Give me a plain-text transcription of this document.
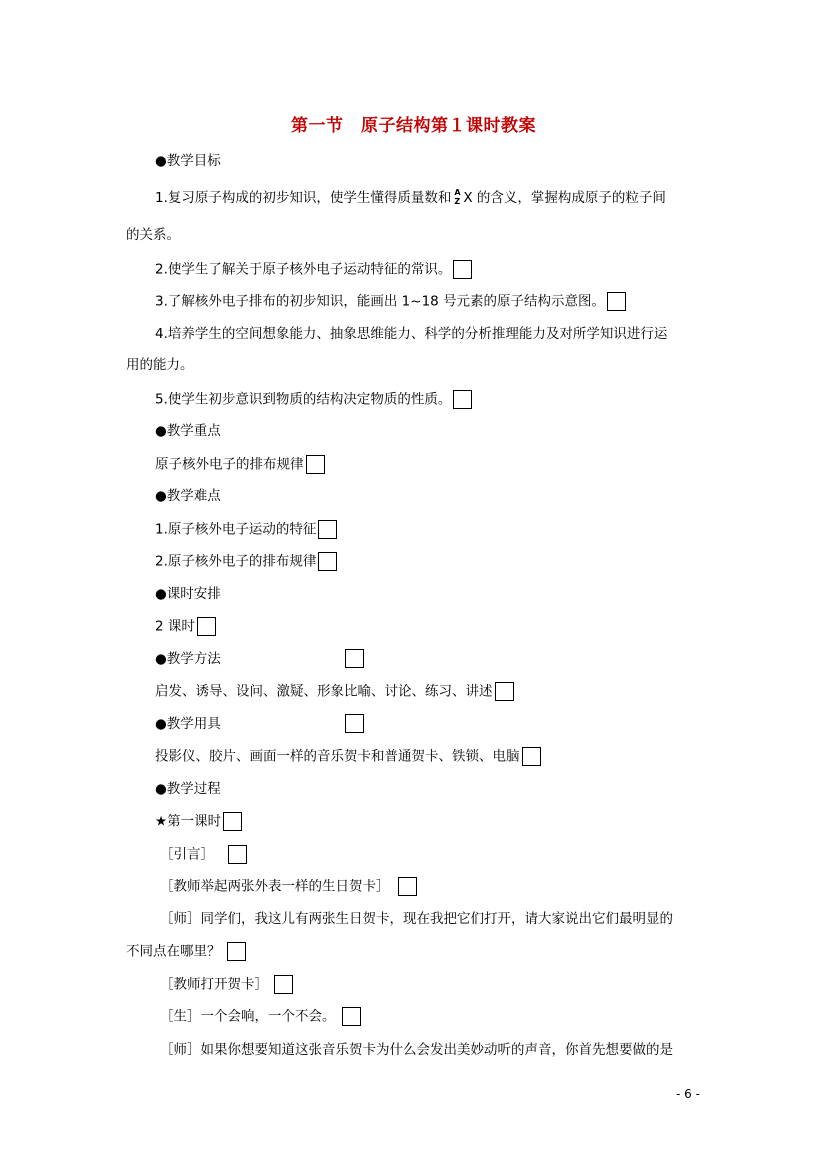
第一节　原子结构第１课时教案
●教学目标
1.复习原子构成的初步知识，使学生懂得质量数和 A
Z X 的含义，掌握构成原子的粒子间
的关系。
2.使学生了解关于原子核外电子运动特征的常识。
3.了解核外电子排布的初步知识，能画出 1~18 号元素的原子结构示意图。
4.培养学生的空间想象能力、抽象思维能力、科学的分析推理能力及对所学知识进行运
用的能力。
5.使学生初步意识到物质的结构决定物质的性质。
●教学重点
原子核外电子的排布规律
●教学难点
1.原子核外电子运动的特征
2.原子核外电子的排布规律
●课时安排
2 课时
●教学方法
启发、诱导、设问、激疑、形象比喻、讨论、练习、讲述
●教学用具
投影仪、胶片、画面一样的音乐贺卡和普通贺卡、铁锁、电脑
●教学过程
★第一课时
［引言］
［教师举起两张外表一样的生日贺卡］
［师］同学们，我这儿有两张生日贺卡，现在我把它们打开，请大家说出它们最明显的
不同点在哪里？
［教师打开贺卡］
［生］一个会响，一个不会。
［师］如果你想要知道这张音乐贺卡为什么会发出美妙动听的声音，你首先想要做的是
- 6 -
